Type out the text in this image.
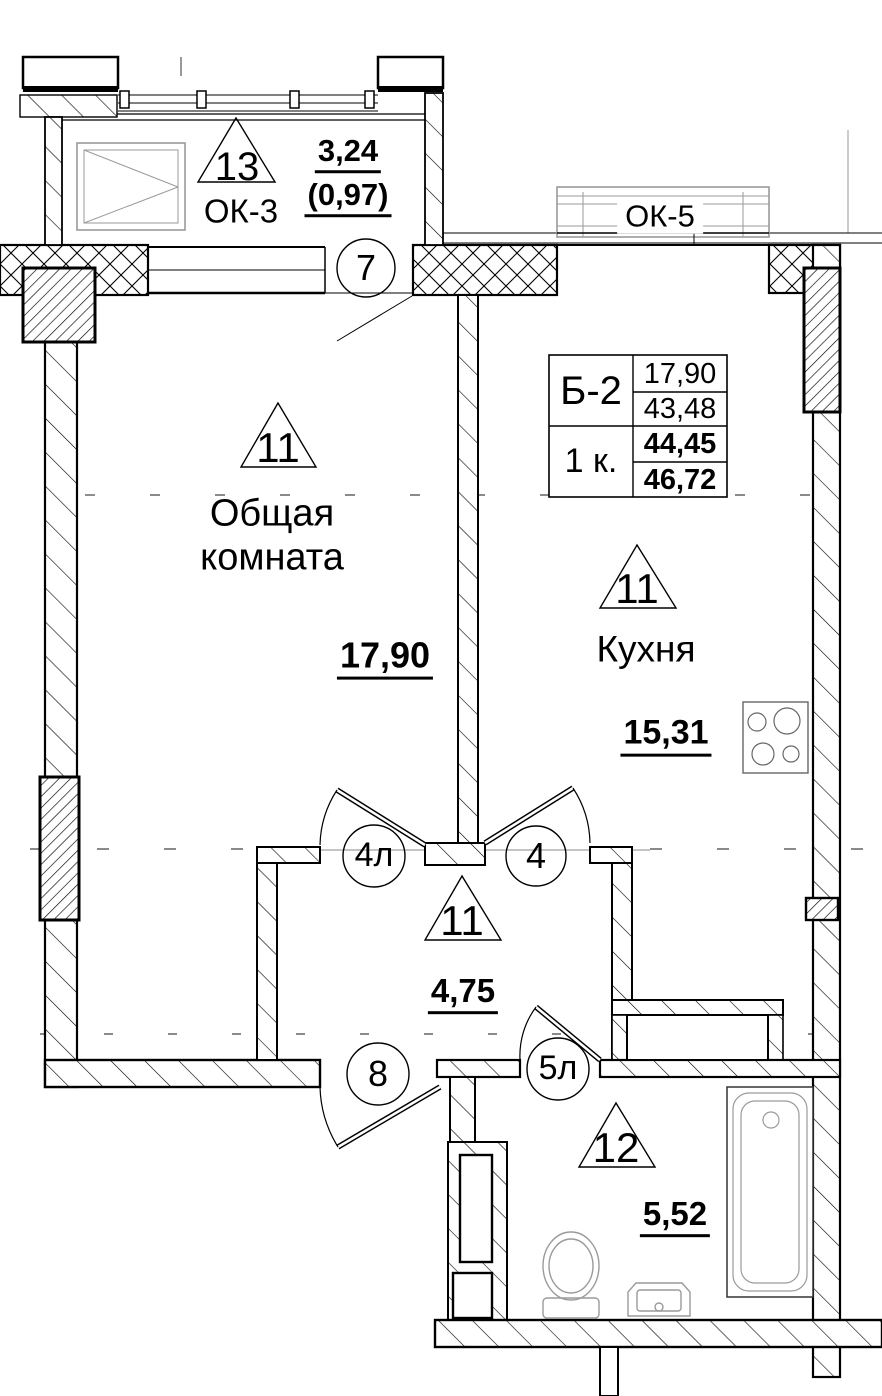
13
ОК-3
3,24
(0,97)
ОК-5
Б-2
1 к.
17,90
43,48
44,45
46,72
11
Общая комната
17,90
11
Кухня
15,31
11
4,75
12
5,52
7
4л	4
8	5л
